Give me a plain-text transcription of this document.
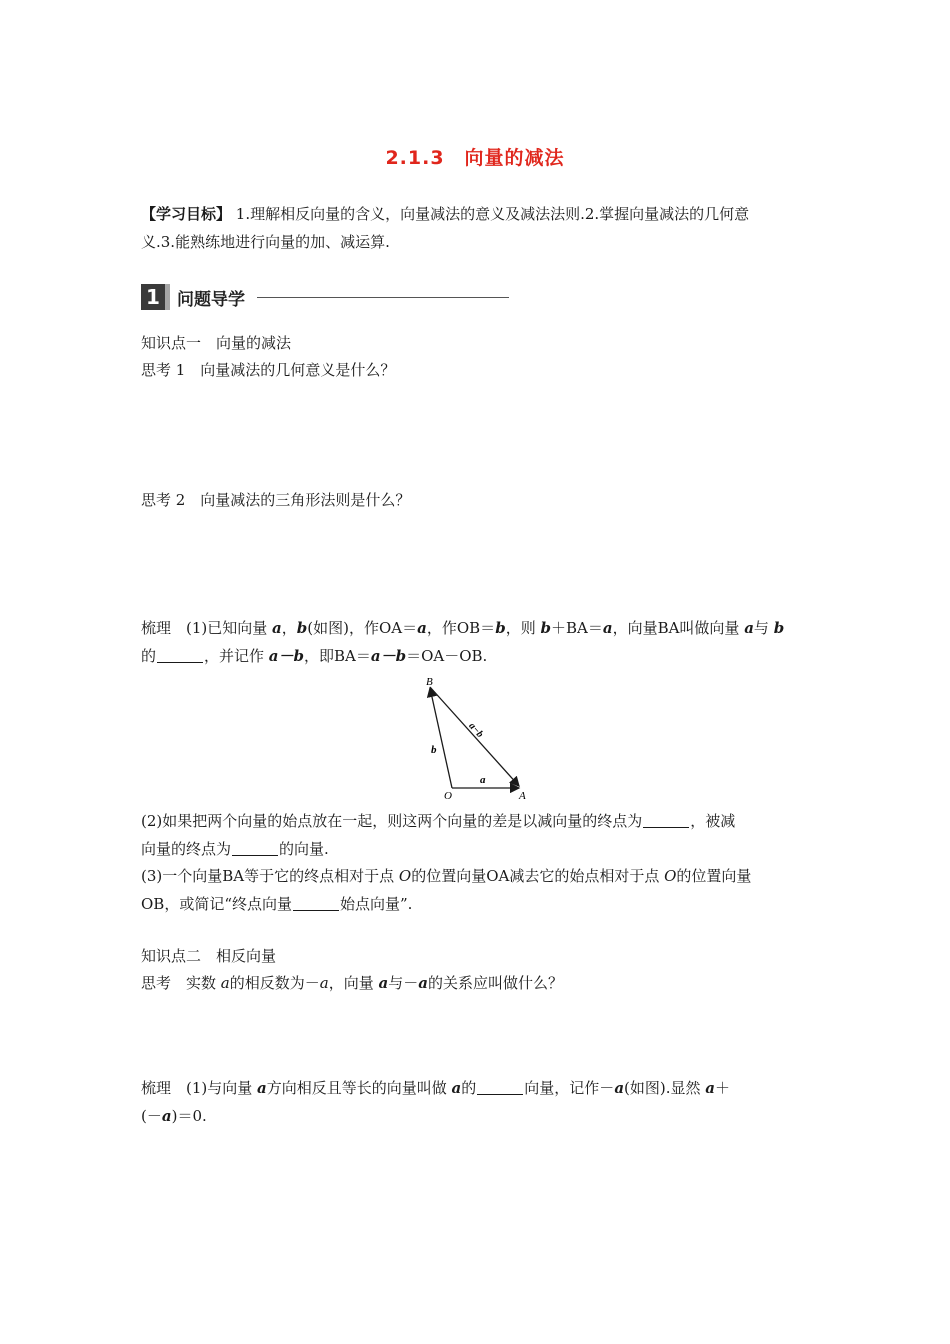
2.1.3　向量的减法
【学习目标】 1.理解相反向量的含义，向量减法的意义及减法法则.2.掌握向量减法的几何意
义.3.能熟练地进行向量的加、减运算.
1 问题导学
知识点一　向量的减法
思考 1　向量减法的几何意义是什么？
思考 2　向量减法的三角形法则是什么？
梳理　(1)已知向量 a，b(如图)，作OA＝a，作OB＝b，则 b＋BA＝a，向量BA叫做向量 a与 b
的	，并记作 a－b，即BA＝a－b＝OA－OB.
B
O	A
a
b
a−b
(2)如果把两个向量的始点放在一起，则这两个向量的差是以减向量的终点为	，被减
向量的终点为	的向量.
(3)一个向量BA等于它的终点相对于点 O的位置向量OA减去它的始点相对于点 O的位置向量
OB，或简记“终点向量	始点向量”.
知识点二　相反向量
思考　实数 a的相反数为－a，向量 a与－a的关系应叫做什么？
梳理　(1)与向量 a方向相反且等长的向量叫做 a的	向量，记作－a(如图).显然 a＋
(－a)＝0.
